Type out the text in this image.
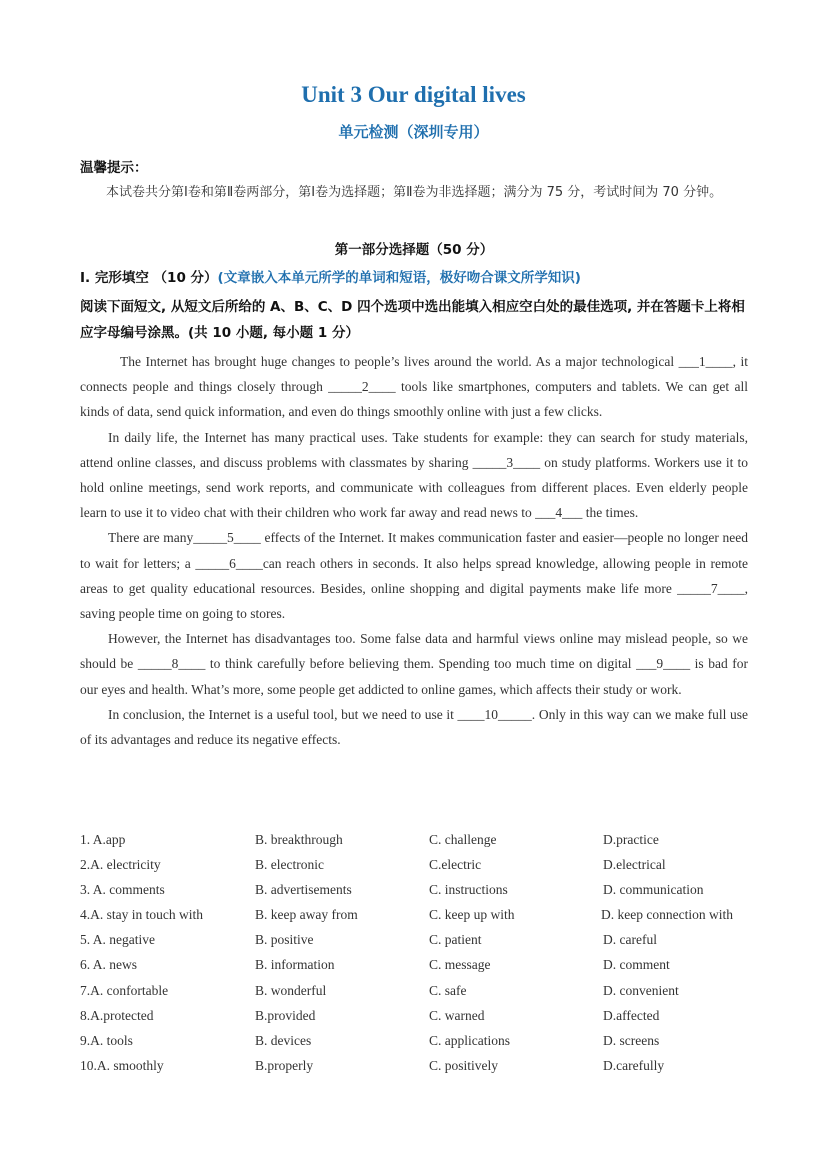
Unit 3 Our digital lives
单元检测（深圳专用）
温馨提示：
本试卷共分第Ⅰ卷和第Ⅱ卷两部分，第Ⅰ卷为选择题；第Ⅱ卷为非选择题；满分为 75 分，考试时间为 70 分钟。
第一部分选择题（50 分）
I. 完形填空 （10 分）(文章嵌入本单元所学的单词和短语，极好吻合课文所学知识)
阅读下面短文, 从短文后所给的 A、B、C、D 四个选项中选出能填入相应空白处的最佳选项, 并在答题卡上将相应字母编号涂黑。(共 10 小题, 每小题 1 分）

The Internet has brought huge changes to people’s lives around the world. As a major technological ___1____, it connects people and things closely through _____2____ tools like smartphones, computers and tablets. We can get all kinds of data, send quick information, and even do things smoothly online with just a few clicks.

In daily life, the Internet has many practical uses. Take students for example: they can search for study materials, attend online classes, and discuss problems with classmates by sharing _____3____ on study platforms. Workers use it to hold online meetings, send work reports, and communicate with colleagues from different places. Even elderly people learn to use it to video chat with their children who work far away and read news to ___4___ the times.

There are many_____5____ effects of the Internet. It makes communication faster and easier—people no longer need to wait for letters; a _____6____can reach others in seconds. It also helps spread knowledge, allowing people in remote areas to get quality educational resources. Besides, online shopping and digital payments make life more _____7____, saving people time on going to stores.

However, the Internet has disadvantages too. Some false data and harmful views online may mislead people, so we should be _____8____ to think carefully before believing them. Spending too much time on digital ___9____ is bad for our eyes and health. What’s more, some people get addicted to online games, which affects their study or work.

In conclusion, the Internet is a useful tool, but we need to use it ____10_____. Only in this way can we make full use of its advantages and reduce its negative effects.

1. A.app	B. breakthrough	C. challenge	D.practice
2.A. electricity	B. electronic	C.electric	D.electrical
3. A. comments	B. advertisements	C. instructions	D. communication
4.A. stay in touch with	B. keep away from	C. keep up with	D. keep connection with
5. A. negative	B. positive	C. patient	D. careful
6. A. news	B. information	C. message	D. comment
7.A. confortable	B. wonderful	C. safe	D. convenient
8.A.protected	B.provided	C. warned	D.affected
9.A. tools	B. devices	C. applications	D. screens
10.A. smoothly	B.properly	C. positively	D.carefully
